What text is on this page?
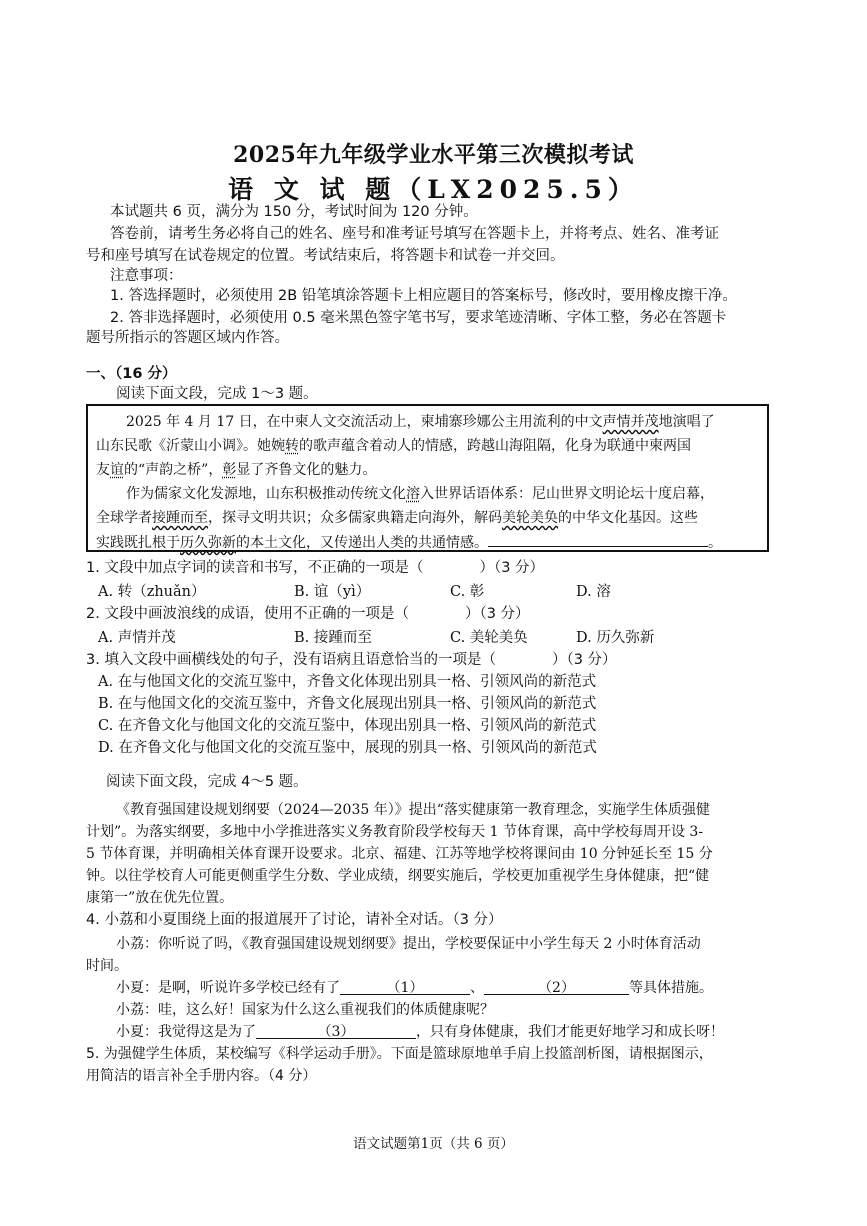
2025年九年级学业水平第三次模拟考试
语 文 试 题（LX2025.5）
本试题共 6 页，满分为 150 分，考试时间为 120 分钟。
答卷前，请考生务必将自己的姓名、座号和准考证号填写在答题卡上，并将考点、姓名、准考证
号和座号填写在试卷规定的位置。考试结束后，将答题卡和试卷一并交回。
注意事项：
1. 答选择题时，必须使用 2B 铅笔填涂答题卡上相应题目的答案标号，修改时，要用橡皮擦干净。
2. 答非选择题时，必须使用 0.5 毫米黑色签字笔书写，要求笔迹清晰、字体工整，务必在答题卡
题号所指示的答题区域内作答。
一、（16 分）
阅读下面文段，完成 1～3 题。
2025 年 4 月 17 日，在中柬人文交流活动上，柬埔寨珍娜公主用流利的中文声情并茂地演唱了
山东民歌《沂蒙山小调》。她婉转的歌声蕴含着动人的情感，跨越山海阻隔，化身为联通中柬两国
友谊的“声韵之桥”，彰显了齐鲁文化的魅力。
作为儒家文化发源地，山东积极推动传统文化溶入世界话语体系：尼山世界文明论坛十度启幕，
全球学者接踵而至，探寻文明共识；众多儒家典籍走向海外，解码美轮美奂的中华文化基因。这些
实践既扎根于历久弥新的本土文化，又传递出人类的共通情感。	。
1. 文段中加点字词的读音和书写，不正确的一项是（	）（3 分）
A. 转（zhuǎn）	B. 谊（yì）	C. 彰	D. 溶
2. 文段中画波浪线的成语，使用不正确的一项是（	）（3 分）
A. 声情并茂	B. 接踵而至	C. 美轮美奂	D. 历久弥新
3. 填入文段中画横线处的句子，没有语病且语意恰当的一项是（	）（3 分）
A. 在与他国文化的交流互鉴中，齐鲁文化体现出别具一格、引领风尚的新范式
B. 在与他国文化的交流互鉴中，齐鲁文化展现出别具一格、引领风尚的新范式
C. 在齐鲁文化与他国文化的交流互鉴中，体现出别具一格、引领风尚的新范式
D. 在齐鲁文化与他国文化的交流互鉴中，展现的别具一格、引领风尚的新范式
阅读下面文段，完成 4～5 题。
《教育强国建设规划纲要（2024—2035 年）》提出“落实健康第一教育理念，实施学生体质强健
计划”。为落实纲要，多地中小学推进落实义务教育阶段学校每天 1 节体育课，高中学校每周开设 3-
5 节体育课，并明确相关体育课开设要求。北京、福建、江苏等地学校将课间由 10 分钟延长至 15 分
钟。以往学校育人可能更侧重学生分数、学业成绩，纲要实施后，学校更加重视学生身体健康，把“健
康第一”放在优先位置。
4. 小荔和小夏围绕上面的报道展开了讨论，请补全对话。（3 分）
小荔：你听说了吗，《教育强国建设规划纲要》提出，学校要保证中小学生每天 2 小时体育活动
时间。
小夏：是啊，听说许多学校已经有了	（1）	、	（2）	等具体措施。
小荔：哇，这么好！国家为什么这么重视我们的体质健康呢？
小夏：我觉得这是为了	（3）	，只有身体健康，我们才能更好地学习和成长呀！
5. 为强健学生体质，某校编写《科学运动手册》。下面是篮球原地单手肩上投篮剖析图，请根据图示，
用简洁的语言补全手册内容。（4 分）
语文试题第1页（共 6 页）
